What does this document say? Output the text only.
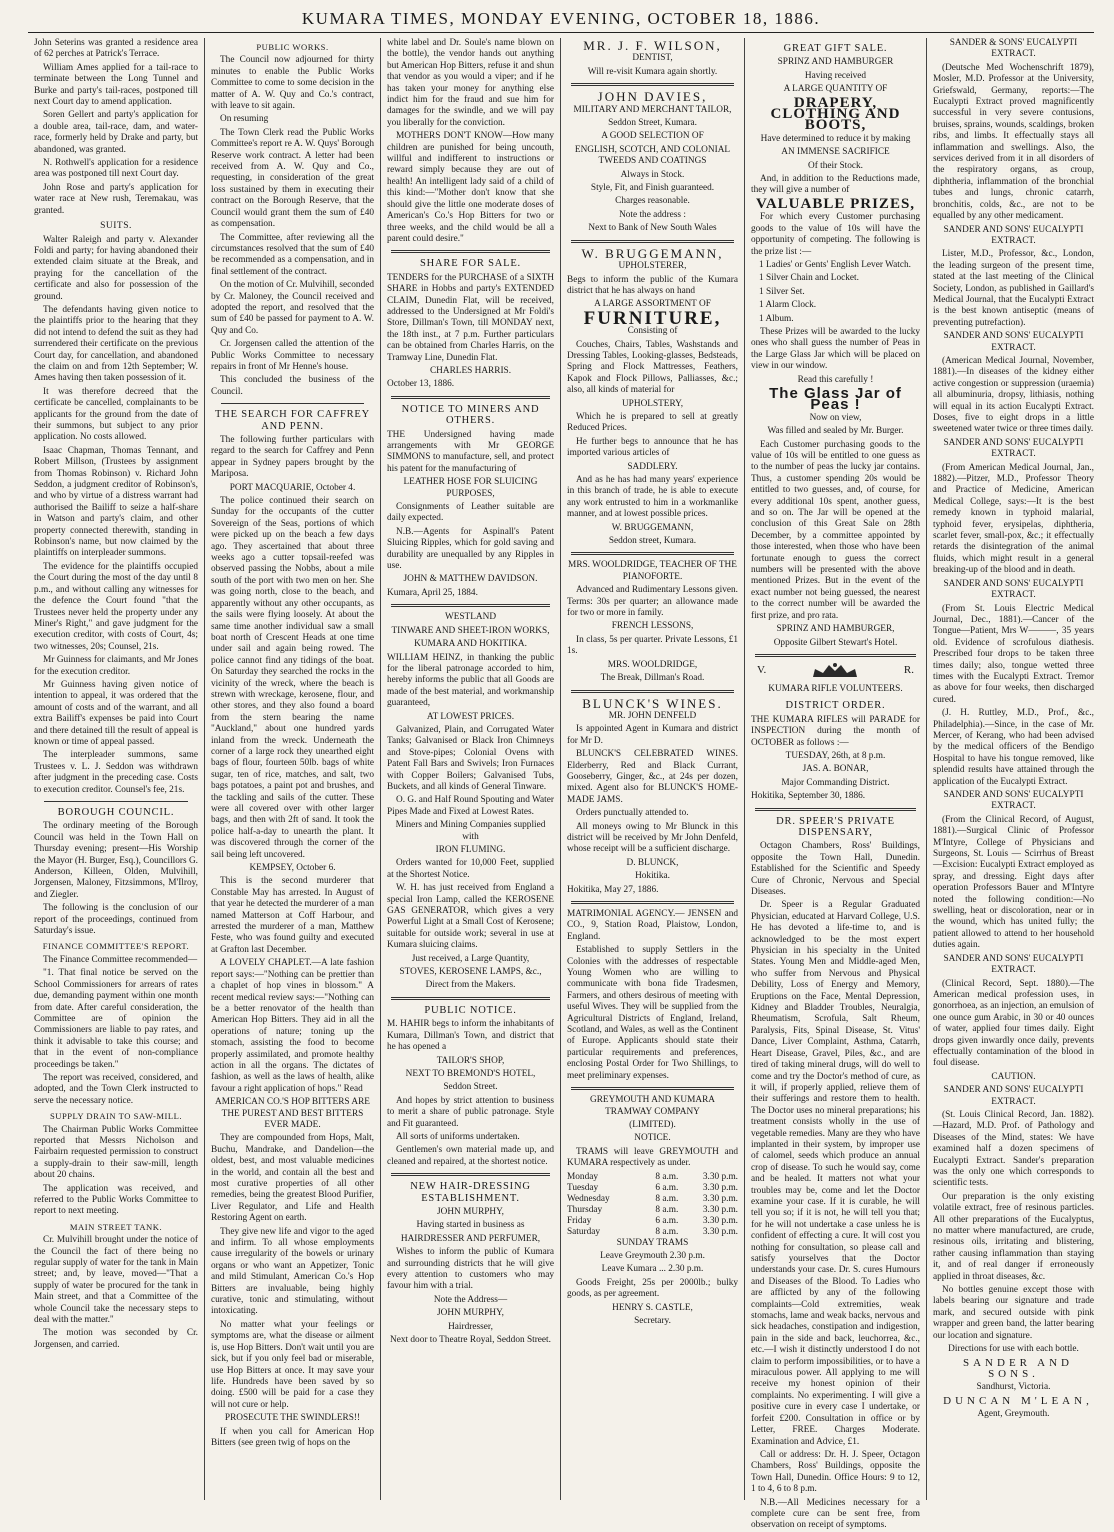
KUMARA TIMES, MONDAY EVENING, OCTOBER 18, 1886.

John Seterins was granted a residence area of 62 perches at Patrick's Terrace.

William Ames applied for a tail-race to terminate between the Long Tunnel and Burke and party's tail-races, postponed till next Court day to amend application.

Soren Gellert and party's application for a double area, tail-race, dam, and water-race, formerly held by Drake and party, but abandoned, was granted.

N. Rothwell's application for a residence area was postponed till next Court day.

John Rose and party's application for water race at New rush, Teremakau, was granted.

SUITS.

Walter Raleigh and party v. Alexander Foldi and party; for having abandoned their extended claim situate at the Break, and praying for the cancellation of the certificate and also for possession of the ground.

The defendants having given notice to the plaintiffs prior to the hearing that they did not intend to defend the suit as they had surrendered their certificate on the previous Court day, for cancellation, and abandoned the claim on and from 12th September; W. Ames having then taken possession of it.

It was therefore decreed that the certificate be cancelled, complainants to be applicants for the ground from the date of their summons, but subject to any prior application. No costs allowed.

Isaac Chapman, Thomas Tennant, and Robert Millson, (Trustees by assignment from Thomas Robinson) v. Richard John Seddon, a judgment creditor of Robinson's, and who by virtue of a distress warrant had authorised the Bailiff to seize a half-share in Watson and party's claim, and other property connected therewith, standing in Robinson's name, but now claimed by the plaintiffs on interpleader summons.

The evidence for the plaintiffs occupied the Court during the most of the day until 8 p.m., and without calling any witnesses for the defence the Court found "that the Trustees never held the property under any Miner's Right," and gave judgment for the execution creditor, with costs of Court, 4s; two witnesses, 20s; Counsel, 21s.

Mr Guinness for claimants, and Mr Jones for the execution creditor.

Mr Guinness having given notice of intention to appeal, it was ordered that the amount of costs and of the warrant, and all extra Bailiff's expenses be paid into Court and there detained till the result of appeal is known or time of appeal passed.

The interpleader summons, same Trustees v. L. J. Seddon was withdrawn after judgment in the preceding case. Costs to execution creditor. Counsel's fee, 21s.

BOROUGH COUNCIL.

The ordinary meeting of the Borough Council was held in the Town Hall on Thursday evening; present—His Worship the Mayor (H. Burger, Esq.), Councillors G. Anderson, Killeen, Olden, Mulvihill, Jorgensen, Maloney, Fitzsimmons, M'Ilroy, and Ziegler.

The following is the conclusion of our report of the proceedings, continued from Saturday's issue.

FINANCE COMMITTEE'S REPORT.

The Finance Committee recommended—

"1. That final notice be served on the School Commissioners for arrears of rates due, demanding payment within one month from date. After careful consideration, the Committee are of opinion the Commissioners are liable to pay rates, and think it advisable to take this course; and that in the event of non-compliance proceedings be taken."

The report was received, considered, and adopted, and the Town Clerk instructed to serve the necessary notice.

SUPPLY DRAIN TO SAW-MILL.

The Chairman Public Works Committee reported that Messrs Nicholson and Fairbairn requested permission to construct a supply-drain to their saw-mill, length about 20 chains.

The application was received, and referred to the Public Works Committee to report to next meeting.

MAIN STREET TANK.

Cr. Mulvihill brought under the notice of the Council the fact of there being no regular supply of water for the tank in Main street; and, by leave, moved—"That a supply of water be procured for the tank in Main street, and that a Committee of the whole Council take the necessary steps to deal with the matter."

The motion was seconded by Cr. Jorgensen, and carried.

PUBLIC WORKS.

The Council now adjourned for thirty minutes to enable the Public Works Committee to come to some decision in the matter of A. W. Quy and Co.'s contract, with leave to sit again.

On resuming

The Town Clerk read the Public Works Committee's report re A. W. Quys' Borough Reserve work contract. A letter had been received from A. W. Quy and Co., requesting, in consideration of the great loss sustained by them in executing their contract on the Borough Reserve, that the Council would grant them the sum of £40 as compensation.

The Committee, after reviewing all the circumstances resolved that the sum of £40 be recommended as a compensation, and in final settlement of the contract.

On the motion of Cr. Mulvihill, seconded by Cr. Maloney, the Council received and adopted the report, and resolved that the sum of £40 be passed for payment to A. W. Quy and Co.

Cr. Jorgensen called the attention of the Public Works Committee to necessary repairs in front of Mr Henne's house.

This concluded the business of the Council.

THE SEARCH FOR CAFFREY AND PENN.

The following further particulars with regard to the search for Caffrey and Penn appear in Sydney papers brought by the Mariposa.

PORT MACQUARIE, October 4.

The police continued their search on Sunday for the occupants of the cutter Sovereign of the Seas, portions of which were picked up on the beach a few days ago. They ascertained that about three weeks ago a cutter topsail-reefed was observed passing the Nobbs, about a mile south of the port with two men on her. She was going north, close to the beach, and apparently without any other occupants, as the sails were flying loosely. At about the same time another individual saw a small boat north of Crescent Heads at one time under sail and again being rowed. The police cannot find any tidings of the boat. On Saturday they searched the rocks in the vicinity of the wreck, where the beach is strewn with wreckage, kerosene, flour, and other stores, and they also found a board from the stern bearing the name "Auckland," about one hundred yards inland from the wreck. Underneath the corner of a large rock they unearthed eight bags of flour, fourteen 50lb. bags of white sugar, ten of rice, matches, and salt, two bags potatoes, a paint pot and brushes, and the tackling and sails of the cutter. These were all covered over with other larger bags, and then with 2ft of sand. It took the police half-a-day to unearth the plant. It was discovered through the corner of the sail being left uncovered.

KEMPSEY, October 6.

This is the second murderer that Constable May has arrested. In August of that year he detected the murderer of a man named Matterson at Coff Harbour, and arrested the murderer of a man, Matthew Feste, who was found guilty and executed at Grafton last December.

A LOVELY CHAPLET.—A late fashion report says:—"Nothing can be prettier than a chaplet of hop vines in blossom." A recent medical review says:—"Nothing can be a better renovator of the health than American Hop Bitters. They aid in all the operations of nature; toning up the stomach, assisting the food to become properly assimilated, and promote healthy action in all the organs. The dictates of fashion, as well as the laws of health, alike favour a right application of hops." Read

AMERICAN CO.'S HOP BITTERS ARE THE PUREST AND BEST BITTERS EVER MADE.

They are compounded from Hops, Malt, Buchu, Mandrake, and Dandelion—the oldest, best, and most valuable medicines in the world, and contain all the best and most curative properties of all other remedies, being the greatest Blood Purifier, Liver Regulator, and Life and Health Restoring Agent on earth.

They give new life and vigor to the aged and infirm. To all whose employments cause irregularity of the bowels or urinary organs or who want an Appetizer, Tonic and mild Stimulant, American Co.'s Hop Bitters are invaluable, being highly curative, tonic and stimulating, without intoxicating.

No matter what your feelings or symptoms are, what the disease or ailment is, use Hop Bitters. Don't wait until you are sick, but if you only feel bad or miserable, use Hop Bitters at once. It may save your life. Hundreds have been saved by so doing. £500 will be paid for a case they will not cure or help.

PROSECUTE THE SWINDLERS!!

If when you call for American Hop Bitters (see green twig of hops on the

white label and Dr. Soule's name blown on the bottle), the vendor hands out anything but American Hop Bitters, refuse it and shun that vendor as you would a viper; and if he has taken your money for anything else indict him for the fraud and sue him for damages for the swindle, and we will pay you liberally for the conviction.

MOTHERS DON'T KNOW—How many children are punished for being uncouth, willful and indifferent to instructions or reward simply because they are out of health! An intelligent lady said of a child of this kind:—"Mother don't know that she should give the little one moderate doses of American's Co.'s Hop Bitters for two or three weeks, and the child would be all a parent could desire."

SHARE FOR SALE.

TENDERS for the PURCHASE of a SIXTH SHARE in Hobbs and party's EXTENDED CLAIM, Dunedin Flat, will be received, addressed to the Undersigned at Mr Foldi's Store, Dillman's Town, till MONDAY next, the 18th inst., at 7 p.m. Further particulars can be obtained from Charles Harris, on the Tramway Line, Dunedin Flat.

CHARLES HARRIS.

October 13, 1886.

NOTICE TO MINERS AND OTHERS.

THE Undersigned having made arrangements with Mr GEORGE SIMMONS to manufacture, sell, and protect his patent for the manufacturing of

LEATHER HOSE FOR SLUICING PURPOSES,

Consignments of Leather suitable are daily expected.

N.B.—Agents for Aspinall's Patent Sluicing Ripples, which for gold saving and durability are unequalled by any Ripples in use.

JOHN & MATTHEW DAVIDSON.

Kumara, April 25, 1884.

WESTLAND

TINWARE AND SHEET-IRON WORKS,

KUMARA AND HOKITIKA.

WILLIAM HEINZ, in thanking the public for the liberal patronage accorded to him, hereby informs the public that all Goods are made of the best material, and workmanship guaranteed,

AT LOWEST PRICES.

Galvanized, Plain, and Corrugated Water Tanks; Galvanised or Black Iron Chimneys and Stove-pipes; Colonial Ovens with Patent Fall Bars and Swivels; Iron Furnaces with Copper Boilers; Galvanised Tubs, Buckets, and all kinds of General Tinware.

O. G. and Half Round Spouting and Water Pipes Made and Fixed at Lowest Rates.

Miners and Mining Companies supplied with

IRON FLUMING.

Orders wanted for 10,000 Feet, supplied at the Shortest Notice.

W. H. has just received from England a special Iron Lamp, called the KEROSENE GAS GENERATOR, which gives a very Powerful Light at a Small Cost of Kerosene; suitable for outside work; several in use at Kumara sluicing claims.

Just received, a Large Quantity,

STOVES, KEROSENE LAMPS, &c.,

Direct from the Makers.

PUBLIC NOTICE.

M. HAHIR begs to inform the inhabitants of Kumara, Dillman's Town, and district that he has opened a

TAILOR'S SHOP,

NEXT TO BREMOND'S HOTEL,

Seddon Street.

And hopes by strict attention to business to merit a share of public patronage. Style and Fit guaranteed.

All sorts of uniforms undertaken.

Gentlemen's own material made up, and cleaned and repaired, at the shortest notice.

NEW HAIR-DRESSING ESTABLISHMENT.

JOHN MURPHY,

Having started in business as

HAIRDRESSER AND PERFUMER,

Wishes to inform the public of Kumara and surrounding districts that he will give every attention to customers who may favour him with a trial.

Note the Address—

JOHN MURPHY,

Hairdresser,

Next door to Theatre Royal, Seddon Street.

MR. J. F. WILSON,

DENTIST,

Will re-visit Kumara again shortly.

JOHN DAVIES,

MILITARY AND MERCHANT TAILOR,

Seddon Street, Kumara.

A GOOD SELECTION OF

ENGLISH, SCOTCH, AND COLONIAL TWEEDS AND COATINGS

Always in Stock.

Style, Fit, and Finish guaranteed.

Charges reasonable.

Note the address :

Next to Bank of New South Wales

W. BRUGGEMANN,

UPHOLSTERER,

Begs to inform the public of the Kumara district that he has always on hand

A LARGE ASSORTMENT OF

FURNITURE,

Consisting of

Couches, Chairs, Tables, Washstands and Dressing Tables, Looking-glasses, Bedsteads, Spring and Flock Mattresses, Feathers, Kapok and Flock Pillows, Palliasses, &c.; also, all kinds of material for

UPHOLSTERY,

Which he is prepared to sell at greatly Reduced Prices.

He further begs to announce that he has imported various articles of

SADDLERY.

And as he has had many years' experience in this branch of trade, he is able to execute any work entrusted to him in a workmanlike manner, and at lowest possible prices.

W. BRUGGEMANN,

Seddon street, Kumara.

MRS. WOOLDRIDGE, TEACHER OF THE PIANOFORTE.

Advanced and Rudimentary Lessons given. Terms: 30s per quarter; an allowance made for two or more in family.

FRENCH LESSONS,

In class, 5s per quarter. Private Lessons, £1 1s.

MRS. WOOLDRIDGE,

The Break, Dillman's Road.

BLUNCK'S WINES.

MR. JOHN DENFELD

Is appointed Agent in Kumara and district for Mr D.

BLUNCK'S CELEBRATED WINES. Elderberry, Red and Black Currant, Gooseberry, Ginger, &c., at 24s per dozen, mixed. Agent also for BLUNCK'S HOME-MADE JAMS.

Orders punctually attended to.

All moneys owing to Mr Blunck in this district will be received by Mr John Denfeld, whose receipt will be a sufficient discharge.

D. BLUNCK,

Hokitika.

Hokitika, May 27, 1886.

MATRIMONIAL AGENCY.— JENSEN and CO., 9, Station Road, Plaistow, London, England.

Established to supply Settlers in the Colonies with the addresses of respectable Young Women who are willing to communicate with bona fide Tradesmen, Farmers, and others desirous of meeting with useful Wives. They will be supplied from the Agricultural Districts of England, Ireland, Scotland, and Wales, as well as the Continent of Europe. Applicants should state their particular requirements and preferences, enclosing Postal Order for Two Shillings, to meet preliminary expenses.

GREYMOUTH AND KUMARA TRAMWAY COMPANY

(LIMITED).

NOTICE.

TRAMS will leave GREYMOUTH and KUMARA respectively as under.

Monday	8 a.m.	3.30 p.m.
Tuesday	6 a.m.	3.30 p.m.
Wednesday	8 a.m.	3.30 p.m.
Thursday	8 a.m.	3.30 p.m.
Friday	6 a.m.	3.30 p.m.
Saturday	8 a.m.	3.30 p.m.

SUNDAY TRAMS

Leave Greymouth 2.30 p.m.

Leave Kumara ... 2.30 p.m.

Goods Freight, 25s per 2000lb.; bulky goods, as per agreement.

HENRY S. CASTLE,

Secretary.

GREAT GIFT SALE.

SPRINZ AND HAMBURGER

Having received

A LARGE QUANTITY OF

DRAPERY, CLOTHING AND BOOTS,

Have determined to reduce it by making

AN IMMENSE SACRIFICE

Of their Stock.

And, in addition to the Reductions made, they will give a number of

VALUABLE PRIZES,

For which every Customer purchasing goods to the value of 10s will have the opportunity of competing. The following is the prize list :—

1 Ladies' or Gents' English Lever Watch.

1 Silver Chain and Locket.

1 Silver Set.

1 Alarm Clock.

1 Album.

These Prizes will be awarded to the lucky ones who shall guess the number of Peas in the Large Glass Jar which will be placed on view in our window.

Read this carefully !

The Glass Jar of Peas !

Now on view,

Was filled and sealed by Mr. Burger.

Each Customer purchasing goods to the value of 10s will be entitled to one guess as to the number of peas the lucky jar contains. Thus, a customer spending 20s would be entitled to two guesses, and, of course, for every additional 10s spent, another guess, and so on. The Jar will be opened at the conclusion of this Great Sale on 28th December, by a committee appointed by those interested, when those who have been fortunate enough to guess the correct numbers will be presented with the above mentioned Prizes. But in the event of the exact number not being guessed, the nearest to the correct number will be awarded the first prize, and pro rata.

SPRINZ AND HAMBURGER,

Opposite Gilbert Stewart's Hotel.

V.	R.

KUMARA RIFLE VOLUNTEERS.

DISTRICT ORDER.

THE KUMARA RIFLES will PARADE for INSPECTION during the month of OCTOBER as follows :—

TUESDAY, 26th, at 8 p.m.

JAS. A. BONAR,

Major Commanding District.

Hokitika, September 30, 1886.

DR. SPEER'S PRIVATE DISPENSARY,

Octagon Chambers, Ross' Buildings, opposite the Town Hall, Dunedin. Established for the Scientific and Speedy Cure of Chronic, Nervous and Special Diseases.

Dr. Speer is a Regular Graduated Physician, educated at Harvard College, U.S. He has devoted a life-time to, and is acknowledged to be the most expert Physician in his specialty in the United States. Young Men and Middle-aged Men, who suffer from Nervous and Physical Debility, Loss of Energy and Memory, Eruptions on the Face, Mental Depression, Kidney and Bladder Troubles, Neuralgia, Rheumatism, Scrofula, Salt Rheum, Paralysis, Fits, Spinal Disease, St. Vitus' Dance, Liver Complaint, Asthma, Catarrh, Heart Disease, Gravel, Piles, &c., and are tired of taking mineral drugs, will do well to come and try the Doctor's method of cure, as it will, if properly applied, relieve them of their sufferings and restore them to health. The Doctor uses no mineral preparations; his treatment consists wholly in the use of vegetable remedies. Many are they who have implanted in their system, by improper use of calomel, seeds which produce an annual crop of disease. To such he would say, come and be healed. It matters not what your troubles may be, come and let the Doctor examine your case. If it is curable, he will tell you so; if it is not, he will tell you that; for he will not undertake a case unless he is confident of effecting a cure. It will cost you nothing for consultation, so please call and satisfy yourselves that the Doctor understands your case. Dr. S. cures Humours and Diseases of the Blood. To Ladies who are afflicted by any of the following complaints—Cold extremities, weak stomachs, lame and weak backs, nervous and sick headaches, constipation and indigestion, pain in the side and back, leuchorrea, &c., etc.—I wish it distinctly understood I do not claim to perform impossibilities, or to have a miraculous power. All applying to me will receive my honest opinion of their complaints. No experimenting. I will give a positive cure in every case I undertake, or forfeit £200. Consultation in office or by Letter, FREE. Charges Moderate. Examination and Advice, £1.

Call or address: Dr. H. J. Speer, Octagon Chambers, Ross' Buildings, opposite the Town Hall, Dunedin. Office Hours: 9 to 12, 1 to 4, 6 to 8 p.m.

N.B.—All Medicines necessary for a complete cure can be sent free, from observation on receipt of symptoms.

SANDER & SONS' EUCALYPTI EXTRACT.

(Deutsche Med Wochenschrift 1879), Mosler, M.D. Professor at the University, Griefswald, Germany, reports:—The Eucalypti Extract proved magnificently successful in very severe contusions, bruises, sprains, wounds, scaldings, broken ribs, and limbs. It effectually stays all inflammation and swellings. Also, the services derived from it in all disorders of the respiratory organs, as croup, diphtheria, inflammation of the bronchial tubes and lungs, chronic catarrh, bronchitis, colds, &c., are not to be equalled by any other medicament.

SANDER AND SONS' EUCALYPTI EXTRACT.

Lister, M.D., Professor, &c., London, the leading surgeon of the present time, stated at the last meeting of the Clinical Society, London, as published in Gaillard's Medical Journal, that the Eucalypti Extract is the best known antiseptic (means of preventing putrefaction).

SANDER AND SONS' EUCALYPTI EXTRACT.

(American Medical Journal, November, 1881).—In diseases of the kidney either active congestion or suppression (uraemia) all albuminuria, dropsy, lithiasis, nothing will equal in its action Eucalypti Extract. Doses, five to eight drops in a little sweetened water twice or three times daily.

SANDER AND SONS' EUCALYPTI EXTRACT.

(From American Medical Journal, Jan., 1882).—Pitzer, M.D., Professor Theory and Practice of Medicine, American Medical College, says:—It is the best remedy known in typhoid malarial, typhoid fever, erysipelas, diphtheria, scarlet fever, small-pox, &c.; it effectually retards the disintegration of the animal fluids, which might result in a general breaking-up of the blood and in death.

SANDER AND SONS' EUCALYPTI EXTRACT.

(From St. Louis Electric Medical Journal, Dec., 1881).—Cancer of the Tongue—Patient, Mrs W———, 35 years old. Evidence of scrofulous diathesis. Prescribed four drops to be taken three times daily; also, tongue wetted three times with the Eucalypti Extract. Tremor as above for four weeks, then discharged cured.

(J. H. Ruttley, M.D., Prof., &c., Philadelphia).—Since, in the case of Mr. Mercer, of Kerang, who had been advised by the medical officers of the Bendigo Hospital to have his tongue removed, like splendid results have attained through the application of the Eucalypti Extract.

SANDER AND SONS' EUCALYPTI EXTRACT.

(From the Clinical Record, of August, 1881).—Surgical Clinic of Professor M'Intyre, College of Physicians and Surgeons, St. Louis — Scirrhus of Breast—Excision: Eucalypti Extract employed as spray, and dressing. Eight days after operation Professors Bauer and M'Intyre noted the following condition:—No swelling, heat or discoloration, near or in the wound, which has united fully; the patient allowed to attend to her household duties again.

SANDER AND SONS' EUCALYPTI EXTRACT.

(Clinical Record, Sept. 1880).—The American medical profession uses, in gonorrhoea, as an injection, an emulsion of one ounce gum Arabic, in 30 or 40 ounces of water, applied four times daily. Eight drops given inwardly once daily, prevents effectually contamination of the blood in foul disease.

CAUTION.

SANDER AND SONS' EUCALYPTI EXTRACT.

(St. Louis Clinical Record, Jan. 1882).—Hazard, M.D. Prof. of Pathology and Diseases of the Mind, states: We have examined half a dozen specimens of Eucalypti Extract. Sander's preparation was the only one which corresponds to scientific tests.

Our preparation is the only existing volatile extract, free of resinous particles. All other preparations of the Eucalyptus, no matter where manufactured, are crude, resinous oils, irritating and blistering, rather causing inflammation than staying it, and of real danger if erroneously applied in throat diseases, &c.

No bottles genuine except those with labels bearing our signature and trade mark, and secured outside with pink wrapper and green band, the latter bearing our location and signature.

Directions for use with each bottle.

SANDER AND SONS.

Sandhurst, Victoria.

DUNCAN M'LEAN,

Agent, Greymouth.
